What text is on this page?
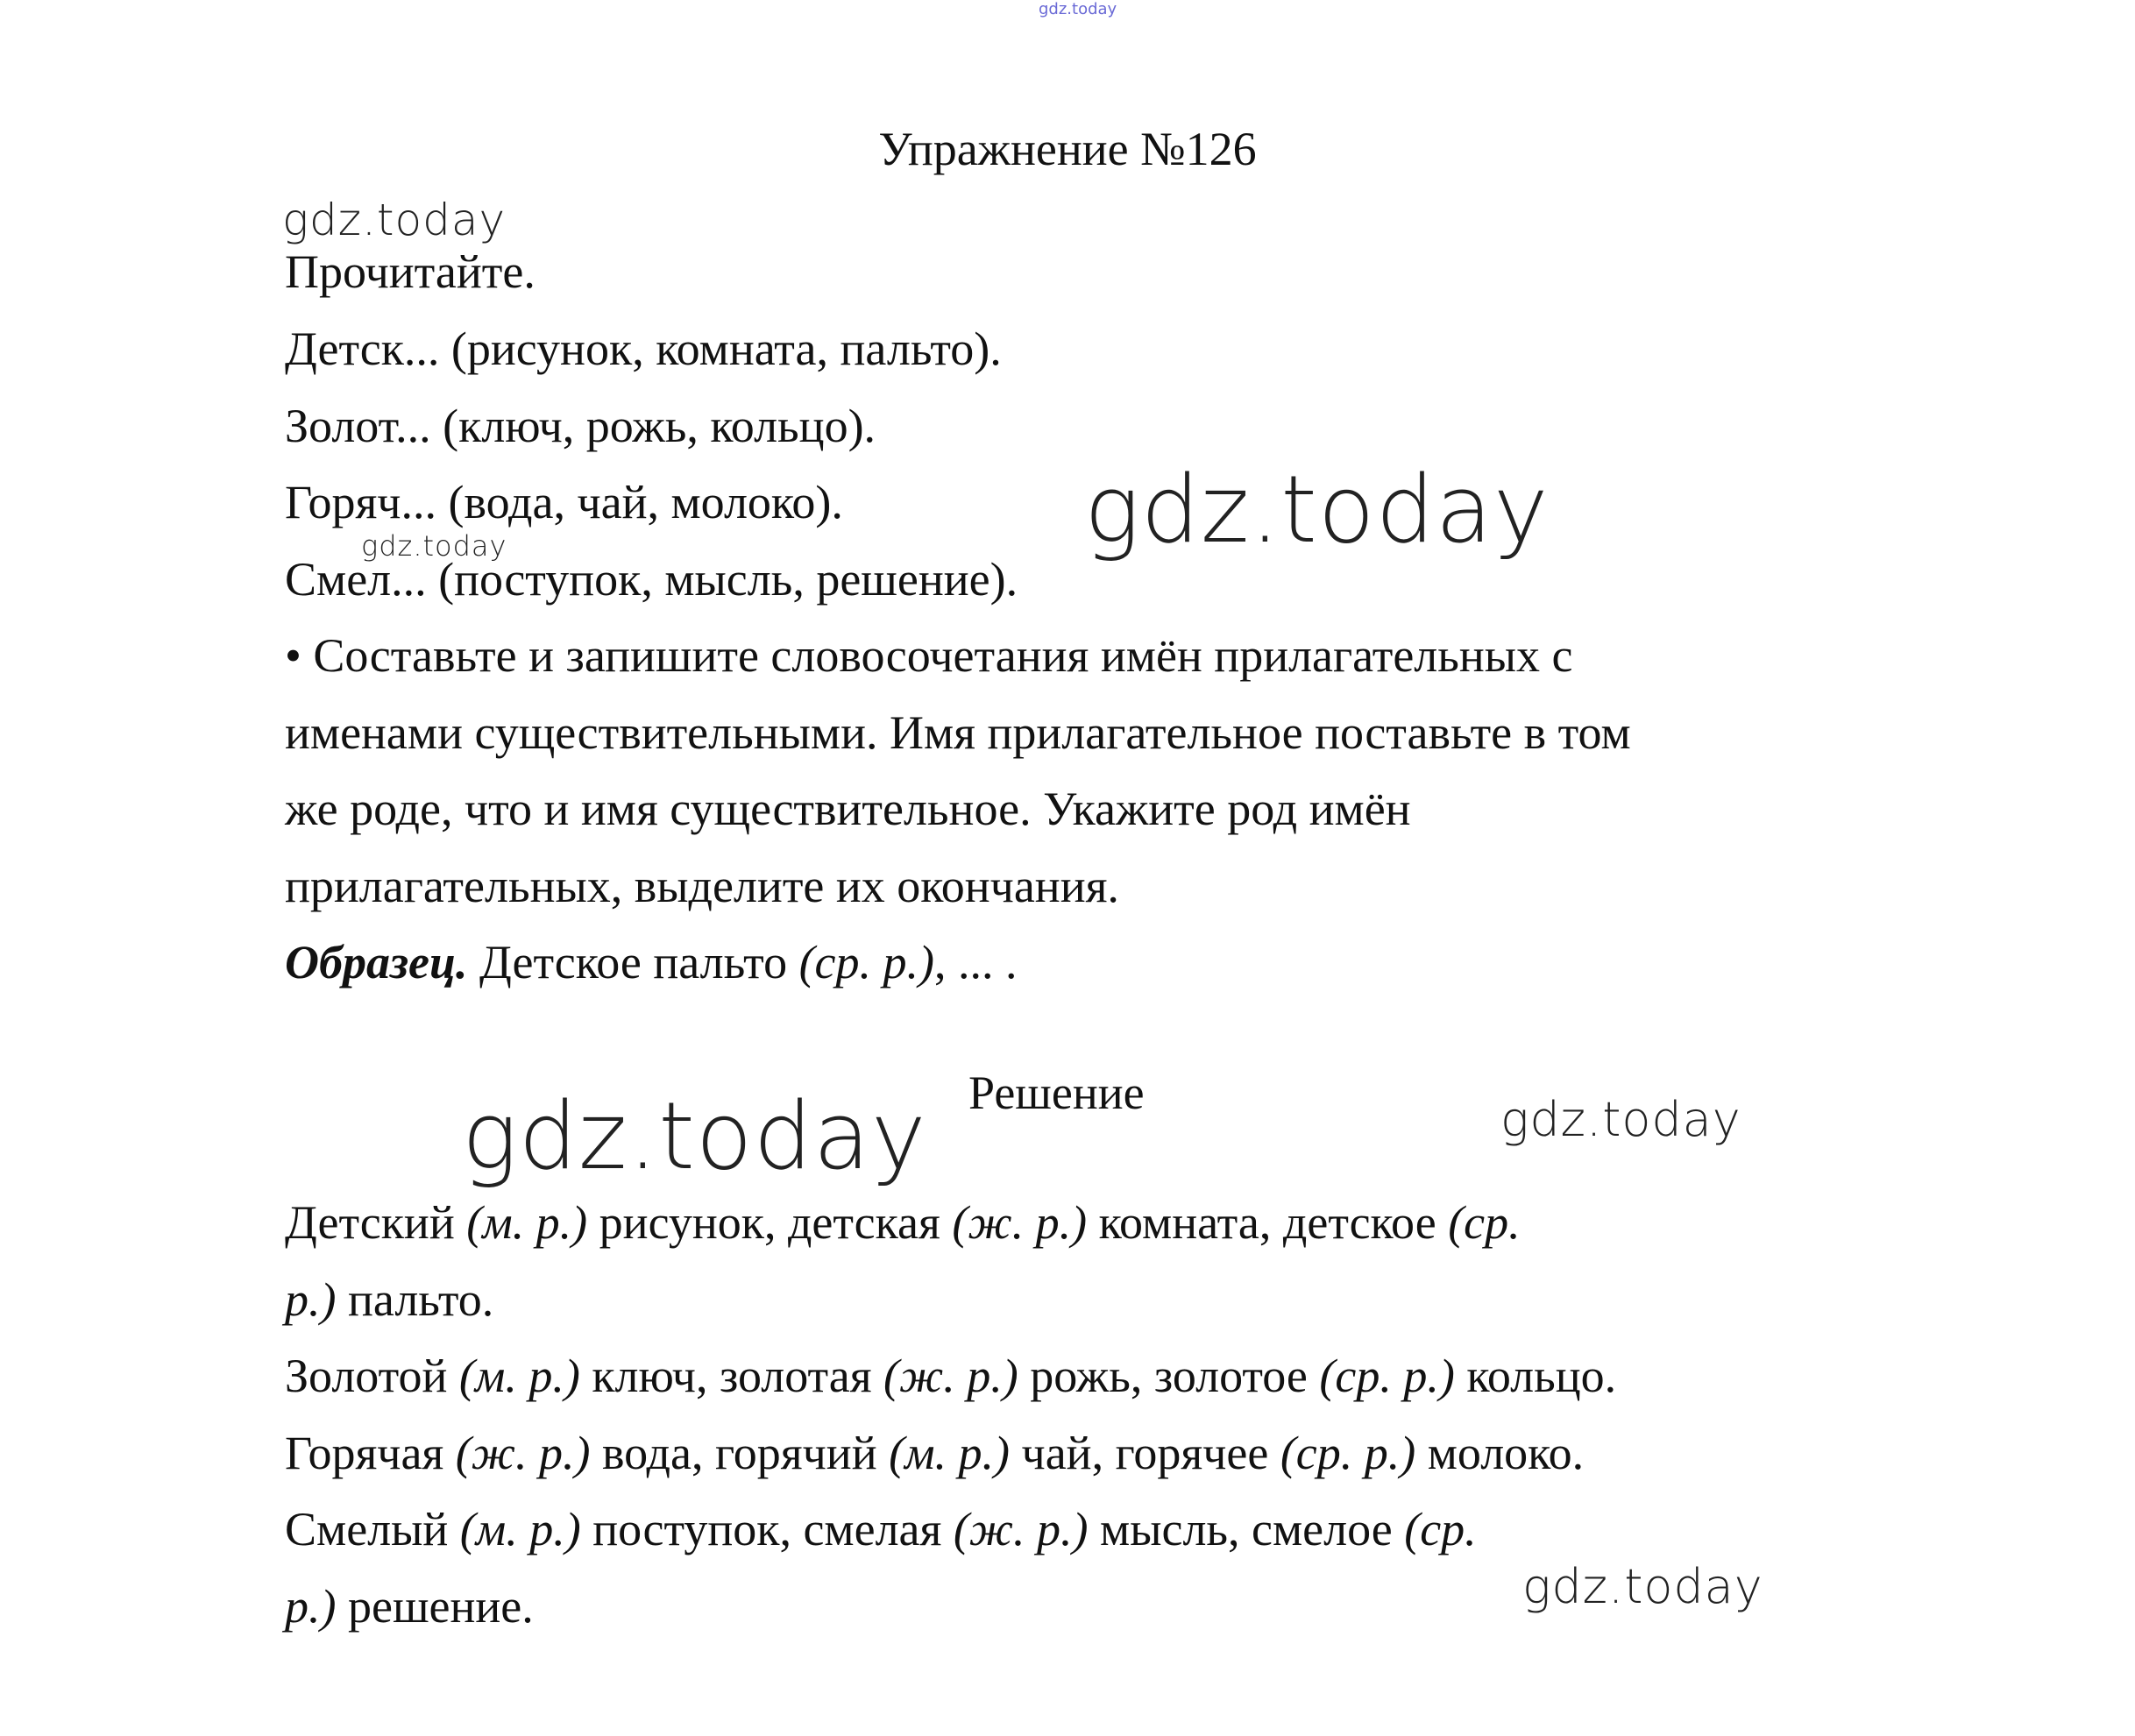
gdz.today
gdz.today
gdz.today
gdz.today
gdz.today	gdz.today
gdz.today
Упражнение №126
Прочитайте.
Детск... (рисунок, комната, пальто).
Золот... (ключ, рожь, кольцо).
Горяч... (вода, чай, молоко).
Смел... (поступок, мысль, решение).
• Составьте и запишите словосочетания имён прилагательных с
именами существительными. Имя прилагательное поставьте в том
же роде, что и имя существительное. Укажите род имён
прилагательных, выделите их окончания.
Образец. Детское пальто (ср. р.), ... .
Решение
Детский (м. р.) рисунок, детская (ж. р.) комната, детское (ср.
р.) пальто.
Золотой (м. р.) ключ, золотая (ж. р.) рожь, золотое (ср. р.) кольцо.
Горячая (ж. р.) вода, горячий (м. р.) чай, горячее (ср. р.) молоко.
Смелый (м. р.) поступок, смелая (ж. р.) мысль, смелое (ср.
р.) решение.
